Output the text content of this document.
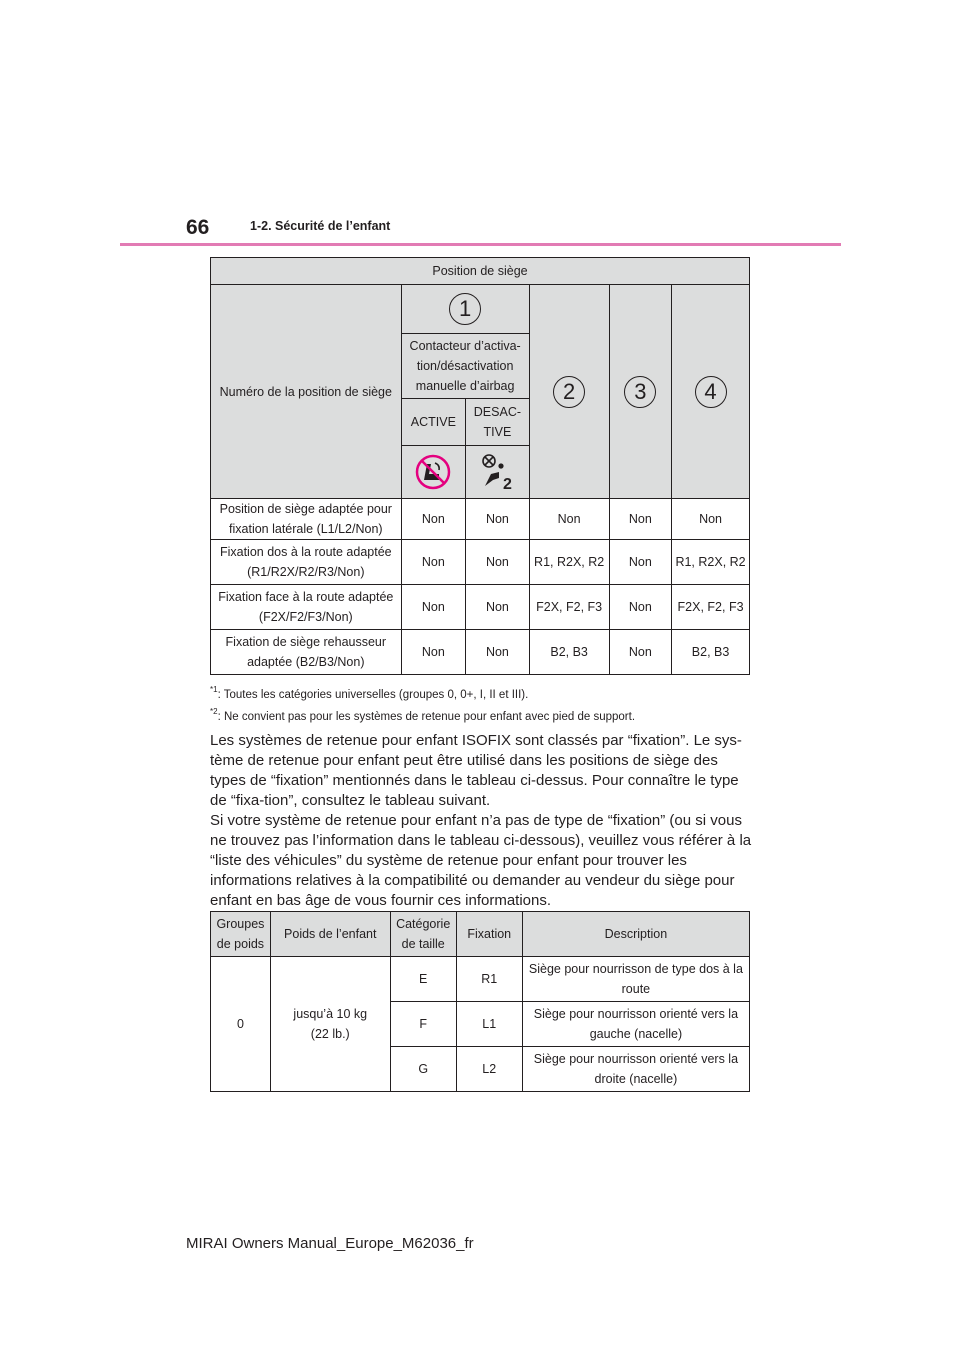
66	1-2. Sécurité de l’enfant
Position de siège					
Numéro de la position de siège	1		2	3	4
	Contacteur d’activa-tion/désactivation manuelle d’airbag				
	ACTIVE	DESAC-TIVE			

2			

Position de siège adaptée pour fixation latérale (L1/L2/Non)	Non	Non	Non	Non	Non
Fixation dos à la route adaptée (R1/R2X/R2/R3/Non)	Non	Non	R1, R2X, R2	Non	R1, R2X, R2
Fixation face à la route adaptée (F2X/F2/F3/Non)	Non	Non	F2X, F2, F3	Non	F2X, F2, F3
Fixation de siège rehausseur adaptée (B2/B3/Non)	Non	Non	B2, B3	Non	B2, B3
$^{*1}$: Toutes les catégories universelles (groupes 0, 0+, I, II et III).
$^{*2}$: Ne convient pas pour les systèmes de retenue pour enfant avec pied de support.
Les systèmes de retenue pour enfant ISOFIX sont classés par “fixation”. Le sys-tème de retenue pour enfant peut être utilisé dans les positions de siège des types de “fixation” mentionnés dans le tableau ci-dessus. Pour connaître le type de “fixa-tion”, consultez le tableau suivant.
Si votre système de retenue pour enfant n’a pas de type de “fixation” (ou si vous ne trouvez pas l’information dans le tableau ci-dessous), veuillez vous référer à la “liste des véhicules” du système de retenue pour enfant pour trouver les informations relatives à la compatibilité ou demander au vendeur du siège pour enfant en bas âge de vous fournir ces informations.
Groupes de poids	Poids de l’enfant	Catégorie de taille	Fixation	Description
0	jusqu’à 10 kg (22 lb.)	E	R1	Siège pour nourrisson de type dos à la route
		F	L1	Siège pour nourrisson orienté vers la gauche (nacelle)
		G	L2	Siège pour nourrisson orienté vers la droite (nacelle)
MIRAI Owners Manual_Europe_M62036_fr
